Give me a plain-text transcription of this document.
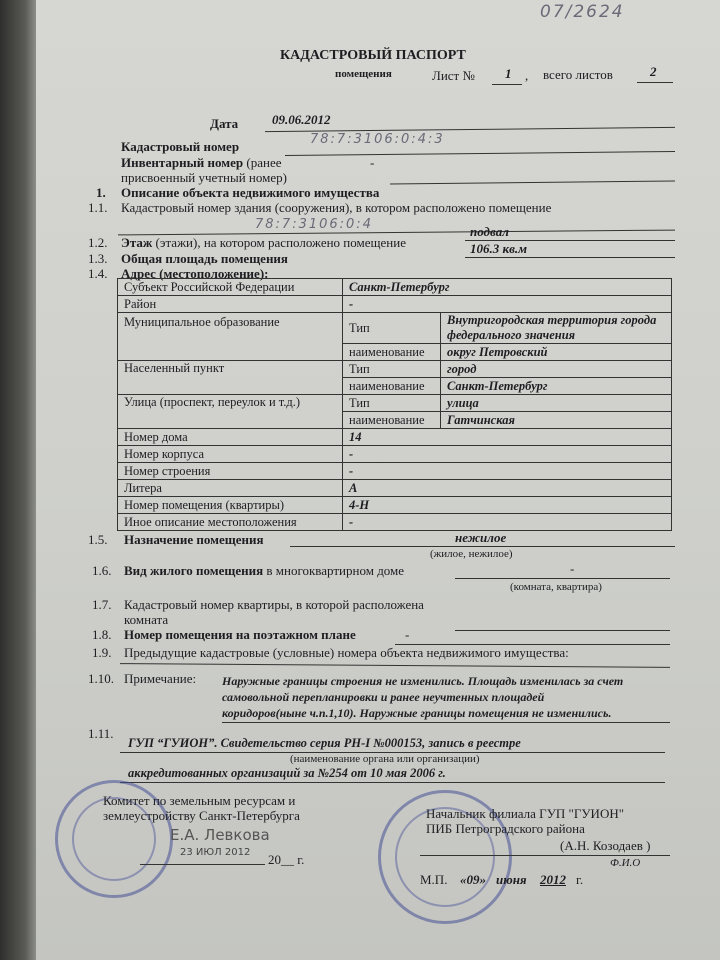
07/2624
КАДАСТРОВЫЙ ПАСПОРТ
помещения	Лист № 1 , всего листов	2
Дата	09.06.2012
78:7:3106:0:4:3
Кадастровый номер
Инвентарный номер (ранее	-
присвоенный учетный номер)
1. Описание объекта недвижимого имущества
1.1. Кадастровый номер здания (сооружения), в котором расположено помещение
78:7:3106:0:4
1.2. Этаж (этажи), на котором расположено помещение
подвал
1.3. Общая площадь помещения
106.3 кв.м
1.4. Адрес (местоположение):
Субъект Российской Федерации	Санкт-Петербург	
Район	-	
Муниципальное образование	Тип	Внутригородская территория города федерального значения
	наименование	округ Петровский
Населенный пункт	Тип	город
	наименование	Санкт-Петербург
Улица (проспект, переулок и т.д.)	Тип	улица
	наименование	Гатчинская
Номер дома	14	
Номер корпуса	-	
Номер строения	-	
Литера	А	
Номер помещения (квартиры)	4-Н	
Иное описание местоположения	-	
1.5. Назначение помещения	нежилое
(жилое, нежилое)
1.6. Вид жилого помещения в многоквартирном доме	-
(комната, квартира)
1.7. Кадастровый номер квартиры, в которой расположена
комната
1.8. Номер помещения на поэтажном плане	-
1.9. Предыдущие кадастровые (условные) номера объекта недвижимого имущества:
1.10. Примечание: Наружные границы строения не изменились. Площадь изменилась за счет
самовольной перепланировки и ранее неучтенных площадей
коридоров(ныне ч.п.1,10). Наружные границы помещения не изменились.
1.11.
ГУП “ГУИОН”. Свидетельство серия РН-I №000153, запись в реестре
(наименование органа или организации)
аккредитованных организаций за №254 от 10 мая 2006 г.
Комитет по земельным ресурсам и
землеустройству Санкт-Петербурга
Е.А. Левкова
23 ИЮЛ 2012 20__ г.
Начальник филиала ГУП "ГУИОН"
ПИБ Петроградского района
(А.Н. Козодаев )
Ф.И.О
М.П. «09» июня 2012 г.
